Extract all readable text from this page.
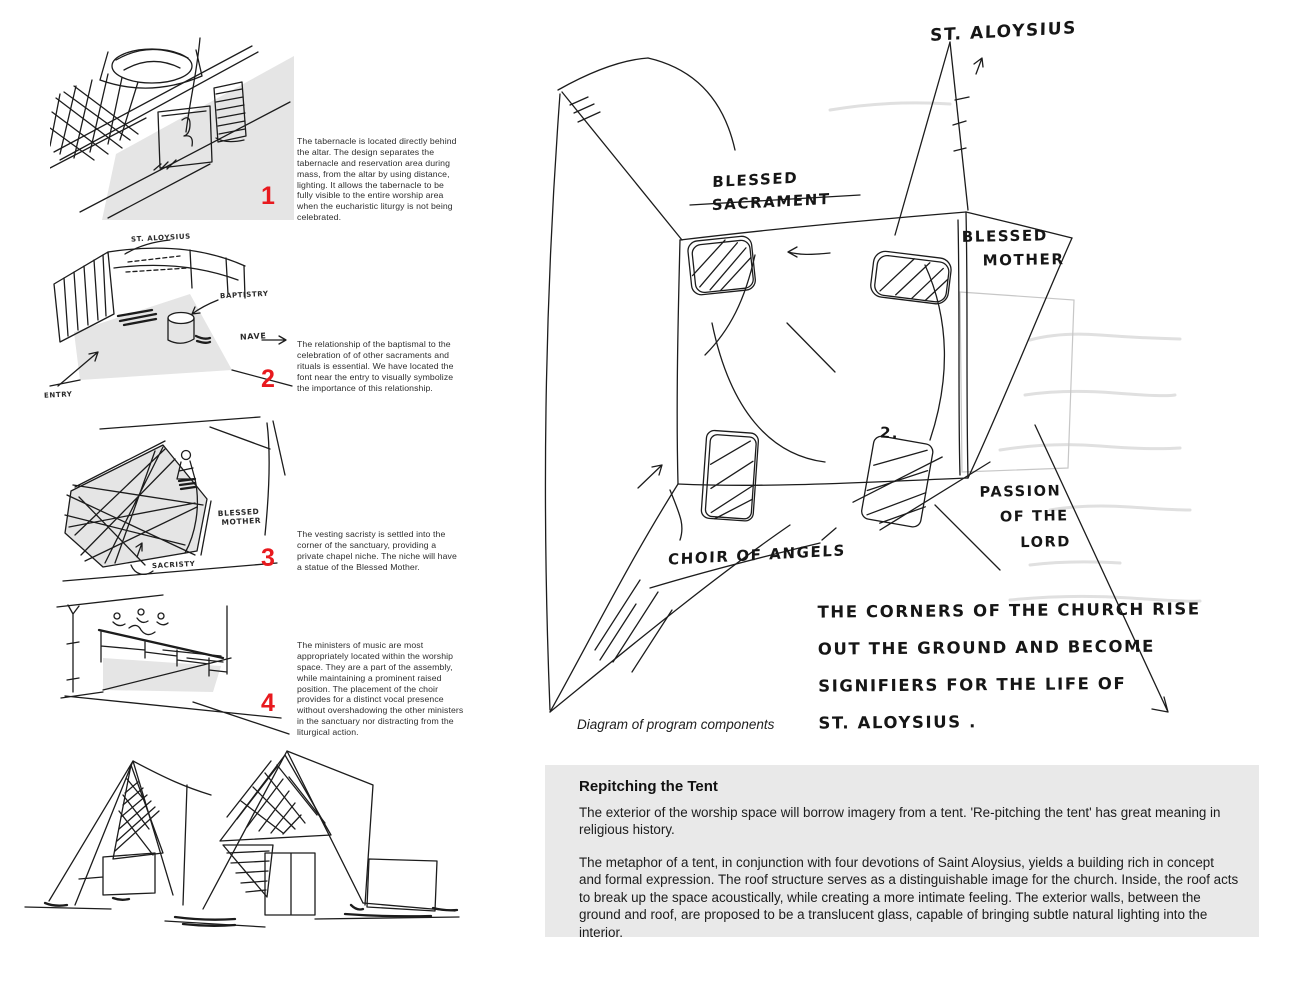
1
The tabernacle is located directly behind the altar. The design separates the tabernacle and reservation area during mass, from the altar by using distance, lighting. It allows the tabernacle to be fully visible to the entire worship area when the eucharistic liturgy is not being celebrated.
ST. ALOYSIUS
BAPTISTRY
NAVE
ENTRY
2
The relationship of the baptismal to the celebration of of other sacraments and rituals is essential. We have located the font near the entry to visually symbolize the importance of this relationship.
BLESSED
MOTHER
SACRISTY	3
The vesting sacristy is settled into the corner of the sanctuary, providing a private chapel niche. The niche will have a statue of the Blessed Mother.
4
The ministers of music are most appropriately located within the worship space. They are a part of the assembly, while maintaining a prominent raised position. The placement of the choir provides for a distinct vocal presence without overshadowing the other ministers in the sanctuary nor distracting from the liturgical action.
ST. ALOYSIUS
BLESSED
SACRAMENT
BLESSED
MOTHER
PASSION
OF THE
LORD
CHOIR OF ANGELS
2.
THE CORNERS OF THE CHURCH RISE
OUT THE GROUND AND BECOME
SIGNIFIERS FOR THE LIFE OF
ST. ALOYSIUS .
Diagram of program components
Repitching the Tent

The exterior of the worship space will borrow imagery from a tent. 'Re-pitching the tent' has great meaning in religious history.

The metaphor of a tent, in conjunction with four devotions of Saint Aloysius, yields a building rich in concept and formal expression. The roof structure serves as a distinguishable image for the church. Inside, the roof acts to break up the space acoustically, while creating a more intimate feeling. The exterior walls, between the ground and roof, are proposed to be a translucent glass, capable of bringing subtle natural lighting into the interior.
